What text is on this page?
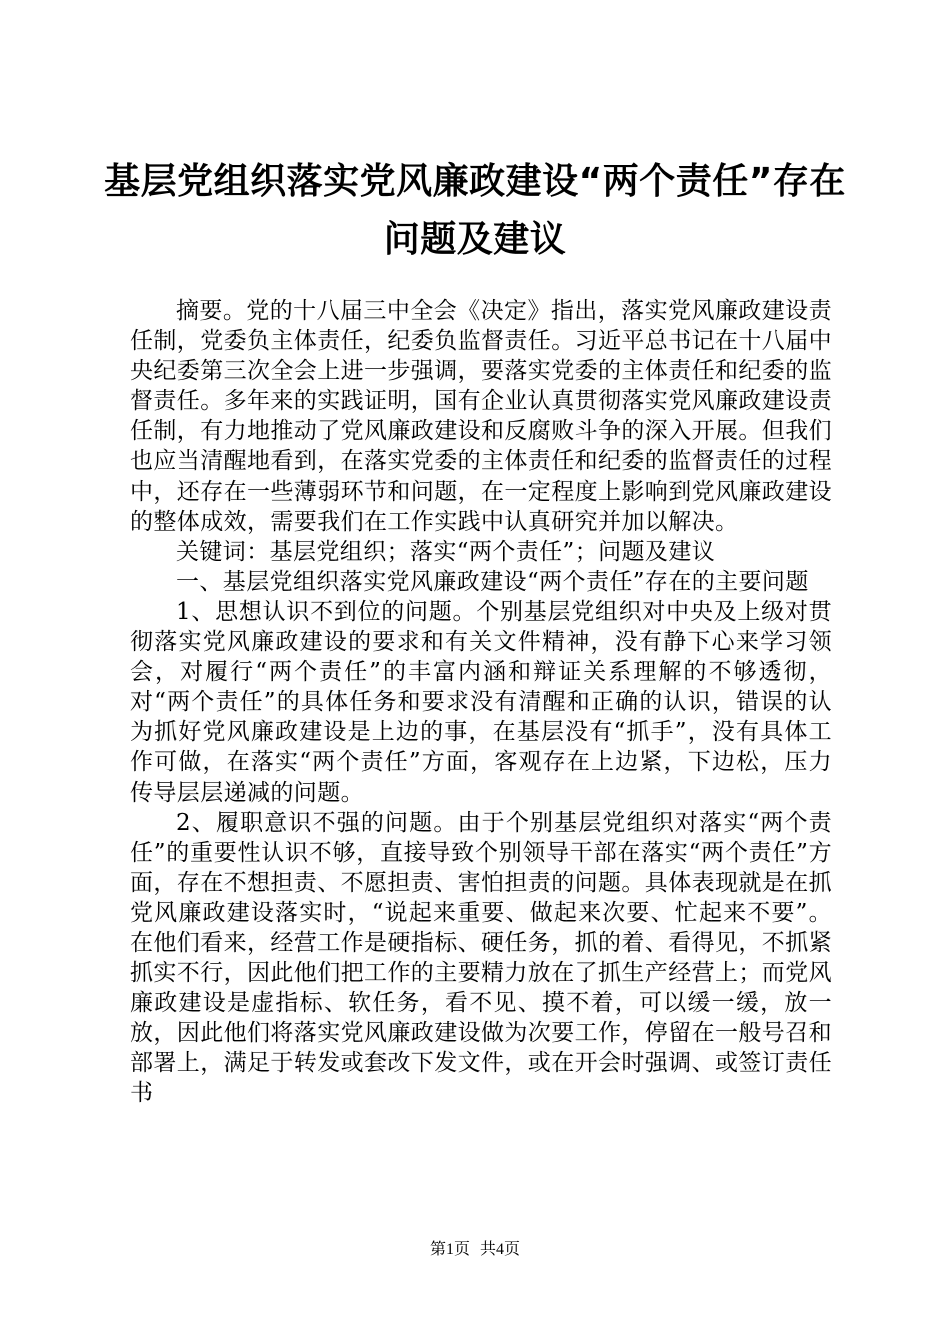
基层党组织落实党风廉政建设“两个责任”存在问题及建议

摘要。党的十八届三中全会《决定》指出，落实党风廉政建设责任制，党委负主体责任，纪委负监督责任。习近平总书记在十八届中央纪委第三次全会上进一步强调，要落实党委的主体责任和纪委的监督责任。多年来的实践证明，国有企业认真贯彻落实党风廉政建设责任制，有力地推动了党风廉政建设和反腐败斗争的深入开展。但我们也应当清醒地看到，在落实党委的主体责任和纪委的监督责任的过程中，还存在一些薄弱环节和问题，在一定程度上影响到党风廉政建设的整体成效，需要我们在工作实践中认真研究并加以解决。

关键词：基层党组织；落实“两个责任”；问题及建议

一、基层党组织落实党风廉政建设“两个责任”存在的主要问题

1、思想认识不到位的问题。个别基层党组织对中央及上级对贯彻落实党风廉政建设的要求和有关文件精神，没有静下心来学习领会，对履行“两个责任”的丰富内涵和辩证关系理解的不够透彻，对“两个责任”的具体任务和要求没有清醒和正确的认识，错误的认为抓好党风廉政建设是上边的事，在基层没有“抓手”，没有具体工作可做，在落实“两个责任”方面，客观存在上边紧，下边松，压力传导层层递减的问题。

2、履职意识不强的问题。由于个别基层党组织对落实“两个责任”的重要性认识不够，直接导致个别领导干部在落实“两个责任”方面，存在不想担责、不愿担责、害怕担责的问题。具体表现就是在抓党风廉政建设落实时，“说起来重要、做起来次要、忙起来不要”。在他们看来，经营工作是硬指标、硬任务，抓的着、看得见，不抓紧抓实不行，因此他们把工作的主要精力放在了抓生产经营上；而党风廉政建设是虚指标、软任务，看不见、摸不着，可以缓一缓，放一放，因此他们将落实党风廉政建设做为次要工作，停留在一般号召和部署上，满足于转发或套改下发文件，或在开会时强调、或签订责任书

第1页 共4页
